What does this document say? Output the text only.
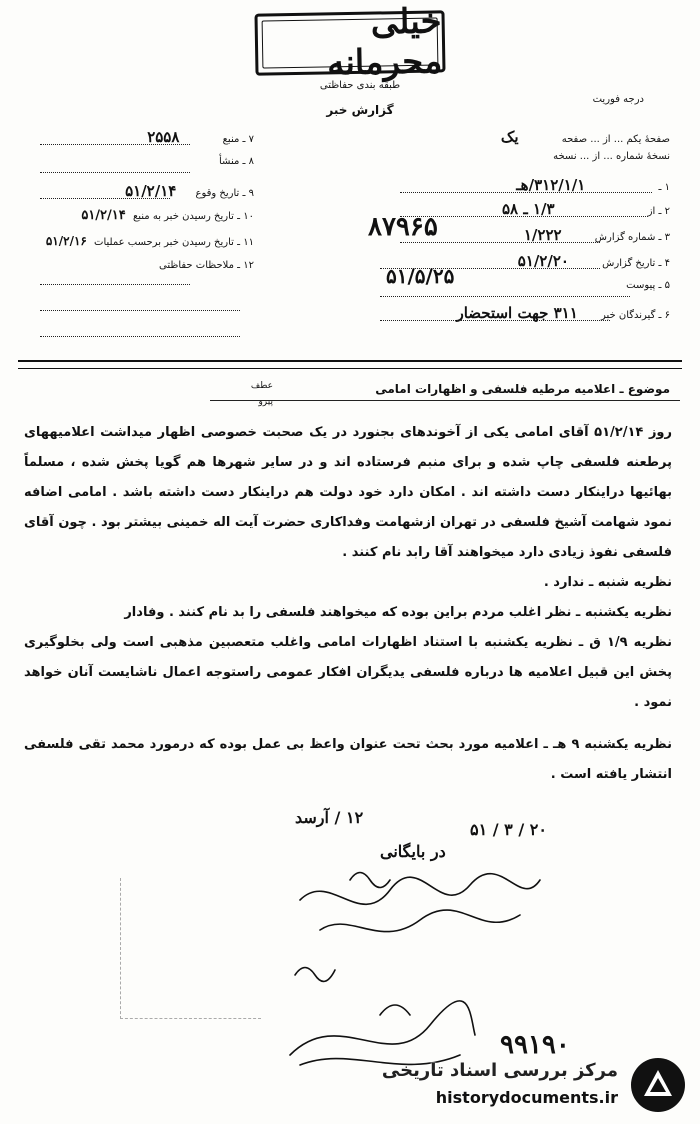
درجه فوریت
خیلی محرمانه
طبقه بندی حفاظتی
گزارش خبر
صفحهٔ یکم ... از ... صفحه یک
نسخهٔ شماره ... از ... نسخه
۱ ـ ۳۱۲/۱/۱/هـ
۲ ـ از ۱/۳ ـ ۵۸
۳ ـ شماره گزارش ۱/۲۲۲
۴ ـ تاریخ گزارش ۵۱/۲/۲۰
۵ ـ پیوست
۶ ـ گیرندگان خبر ۳۱۱ جهت استحضار
۸۷۹۶۵
۵۱/۵/۲۵
۷ ـ منبع ۲۵۵۸
۸ ـ منشأ
۹ ـ تاریخ وقوع ۵۱/۲/۱۴
۱۰ ـ تاریخ رسیدن خبر به منبع ۵۱/۲/۱۴
۱۱ ـ تاریخ رسیدن خبر برحسب عملیات ۵۱/۲/۱۶
۱۲ ـ ملاحظات حفاظتی
موضوع ـ اعلامیه مرطیه فلسفی و اظهارات امامی
عطف
پیرو

روز ۵۱/۲/۱۴ آقای امامی یکی از آخوندهای بجنورد در یک صحبت خصوصی اظهار میداشت اعلامیههای پرطعنه فلسفی چاپ شده و برای منبم فرستاده اند و در سایر شهرها هم گویا پخش شده ، مسلماً بهائیها دراینکار دست داشته اند . امکان دارد خود دولت هم دراینکار دست داشته باشد . امامی اضافه نمود شهامت آشیخ فلسفی در تهران ازشهامت وفداکاری حضرت آیت اله خمینی بیشتر بود . چون آقای فلسفی نفوذ زیادی دارد میخواهند آقا رابد نام کنند .

نظریه شنبه ـ ندارد .

نظریه یکشنبه ـ نظر اغلب مردم براین بوده که میخواهند فلسفی را بد نام کنند . وفادار

نظریه ۱/۹ ق ـ نظریه یکشنبه با استناد اظهارات امامی واغلب متعصبین مذهبی است ولی بخلوگیری پخش این قبیل اعلامیه ها درباره فلسفی یدیگران افکار عمومی راستوجه اعمال ناشایست آنان خواهد نمود .

نظریه یکشنبه ۹ هـ ـ اعلامیه مورد بحث تحت عنوان واعظ بی عمل بوده که درمورد محمد تقی فلسفی انتشار یافته است .

۲۰ / ۳ / ۵۱
۱۲ / آرسد
در بایگانی
۹۹۱۹۰
مرکز بررسی اسناد تاریخی
historydocuments.ir
